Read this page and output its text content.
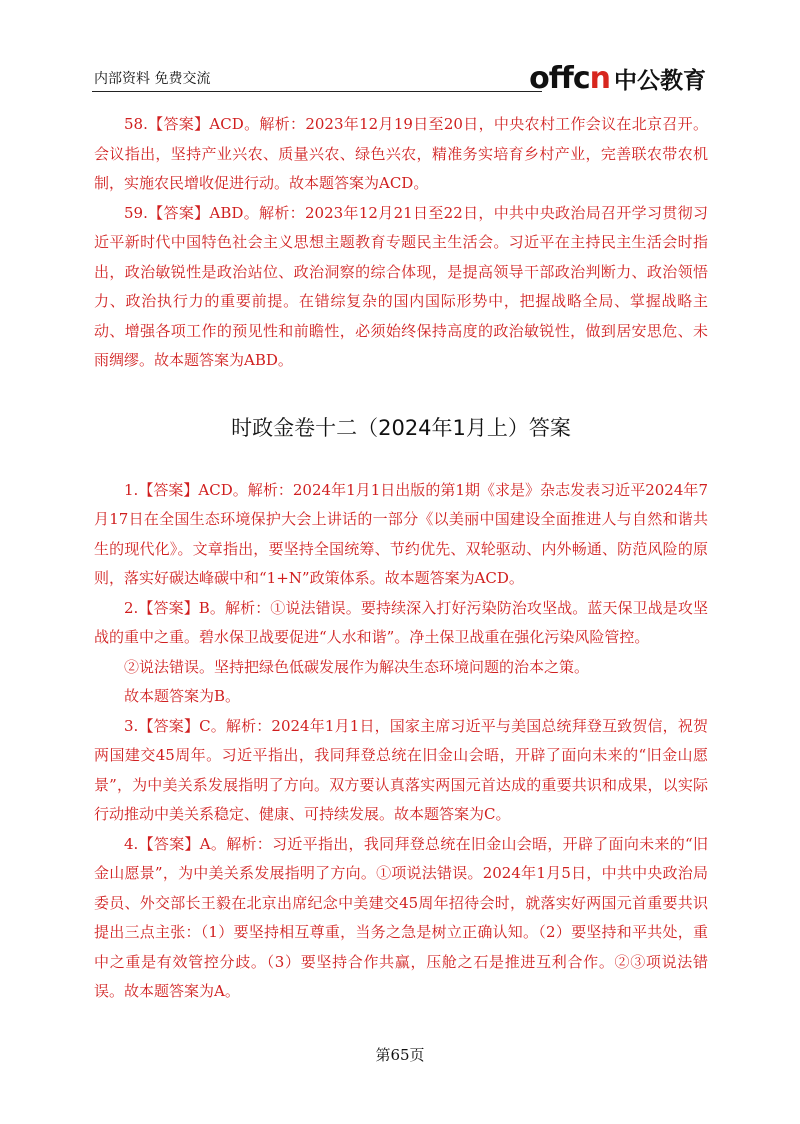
内部资料 免费交流	offcn 中公教育

58.【答案】ACD。解析：2023年12月19日至20日，中央农村工作会议在北京召开。会议指出，坚持产业兴农、质量兴农、绿色兴农，精准务实培育乡村产业，完善联农带农机制，实施农民增收促进行动。故本题答案为ACD。

59.【答案】ABD。解析：2023年12月21日至22日，中共中央政治局召开学习贯彻习近平新时代中国特色社会主义思想主题教育专题民主生活会。习近平在主持民主生活会时指出，政治敏锐性是政治站位、政治洞察的综合体现，是提高领导干部政治判断力、政治领悟力、政治执行力的重要前提。在错综复杂的国内国际形势中，把握战略全局、掌握战略主动、增强各项工作的预见性和前瞻性，必须始终保持高度的政治敏锐性，做到居安思危、未雨绸缪。故本题答案为ABD。

时政金卷十二（2024年1月上）答案

1.【答案】ACD。解析：2024年1月1日出版的第1期《求是》杂志发表习近平2024年7月17日在全国生态环境保护大会上讲话的一部分《以美丽中国建设全面推进人与自然和谐共生的现代化》。文章指出，要坚持全国统筹、节约优先、双轮驱动、内外畅通、防范风险的原则，落实好碳达峰碳中和“1+N”政策体系。故本题答案为ACD。

2.【答案】B。解析：①说法错误。要持续深入打好污染防治攻坚战。蓝天保卫战是攻坚战的重中之重。碧水保卫战要促进“人水和谐”。净土保卫战重在强化污染风险管控。

②说法错误。坚持把绿色低碳发展作为解决生态环境问题的治本之策。

故本题答案为B。

3.【答案】C。解析：2024年1月1日，国家主席习近平与美国总统拜登互致贺信，祝贺两国建交45周年。习近平指出，我同拜登总统在旧金山会晤，开辟了面向未来的“旧金山愿景”，为中美关系发展指明了方向。双方要认真落实两国元首达成的重要共识和成果，以实际行动推动中美关系稳定、健康、可持续发展。故本题答案为C。

4.【答案】A。解析：习近平指出，我同拜登总统在旧金山会晤，开辟了面向未来的“旧金山愿景”，为中美关系发展指明了方向。①项说法错误。2024年1月5日，中共中央政治局委员、外交部长王毅在北京出席纪念中美建交45周年招待会时，就落实好两国元首重要共识提出三点主张：（1）要坚持相互尊重，当务之急是树立正确认知。（2）要坚持和平共处，重中之重是有效管控分歧。（3）要坚持合作共赢，压舱之石是推进互利合作。②③项说法错误。故本题答案为A。

第65页
